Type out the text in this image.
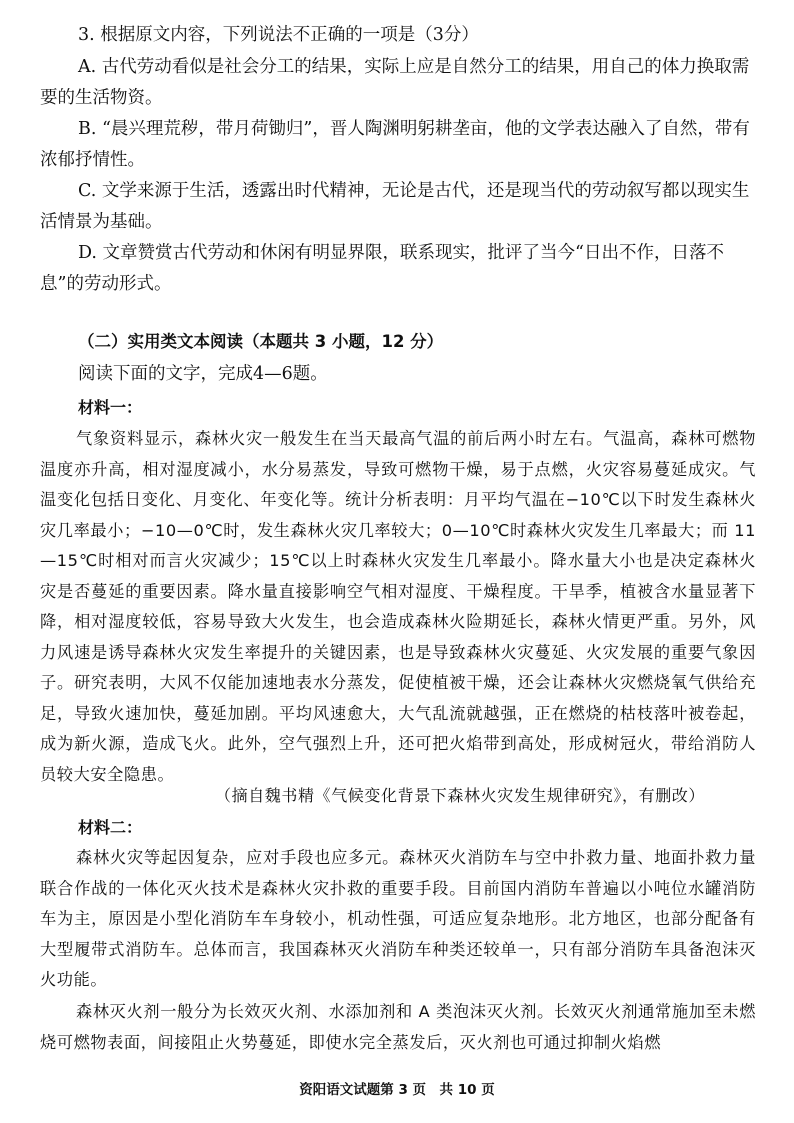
3. 根据原文内容，下列说法不正确的一项是（3分）

A. 古代劳动看似是社会分工的结果，实际上应是自然分工的结果，用自己的体力换取需要的生活物资。

B. “晨兴理荒秽，带月荷锄归”，晋人陶渊明躬耕垄亩，他的文学表达融入了自然，带有浓郁抒情性。

C. 文学来源于生活，透露出时代精神，无论是古代，还是现当代的劳动叙写都以现实生活情景为基础。

D. 文章赞赏古代劳动和休闲有明显界限，联系现实，批评了当今“日出不作，日落不息”的劳动形式。

（二）实用类文本阅读（本题共 3 小题，12 分）

阅读下面的文字，完成4—6题。

材料一：

气象资料显示，森林火灾一般发生在当天最高气温的前后两小时左右。气温高，森林可燃物温度亦升高，相对湿度减小，水分易蒸发，导致可燃物干燥，易于点燃，火灾容易蔓延成灾。气温变化包括日变化、月变化、年变化等。统计分析表明：月平均气温在−10℃以下时发生森林火灾几率最小；−10—0℃时，发生森林火灾几率较大；0—10℃时森林火灾发生几率最大；而 11—15℃时相对而言火灾减少；15℃以上时森林火灾发生几率最小。降水量大小也是决定森林火灾是否蔓延的重要因素。降水量直接影响空气相对湿度、干燥程度。干旱季，植被含水量显著下降，相对湿度较低，容易导致大火发生，也会造成森林火险期延长，森林火情更严重。另外，风力风速是诱导森林火灾发生率提升的关键因素，也是导致森林火灾蔓延、火灾发展的重要气象因子。研究表明，大风不仅能加速地表水分蒸发，促使植被干燥，还会让森林火灾燃烧氧气供给充足，导致火速加快，蔓延加剧。平均风速愈大，大气乱流就越强，正在燃烧的枯枝落叶被卷起，成为新火源，造成飞火。此外，空气强烈上升，还可把火焰带到高处，形成树冠火，带给消防人员较大安全隐患。

（摘自魏书精《气候变化背景下森林火灾发生规律研究》，有删改）

材料二：

森林火灾等起因复杂，应对手段也应多元。森林灭火消防车与空中扑救力量、地面扑救力量联合作战的一体化灭火技术是森林火灾扑救的重要手段。目前国内消防车普遍以小吨位水罐消防车为主，原因是小型化消防车车身较小，机动性强，可适应复杂地形。北方地区，也部分配备有大型履带式消防车。总体而言，我国森林灭火消防车种类还较单一，只有部分消防车具备泡沫灭火功能。

森林灭火剂一般分为长效灭火剂、水添加剂和 A 类泡沫灭火剂。长效灭火剂通常施加至未燃烧可燃物表面，间接阻止火势蔓延，即使水完全蒸发后，灭火剂也可通过抑制火焰燃

资阳语文试题第 3 页　共 10 页
